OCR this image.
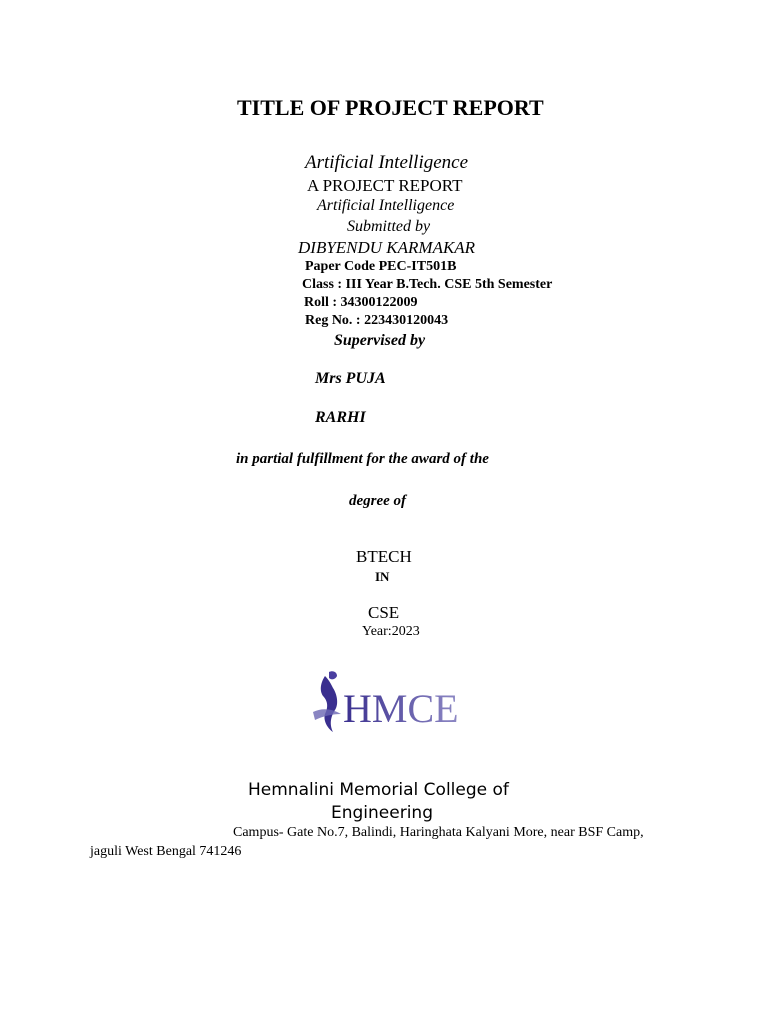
TITLE OF PROJECT REPORT
Artificial Intelligence
A PROJECT REPORT
Artificial Intelligence
Submitted by
DIBYENDU KARMAKAR
Paper Code PEC-IT501B
Class : III Year B.Tech. CSE 5th Semester
Roll : 34300122009
Reg No. : 223430120043
Supervised by
Mrs PUJA
RARHI
in partial fulfillment for the award of the
degree of
BTECH
IN
CSE
Year:2023
HMCE
Hemnalini Memorial College of
Engineering
Campus- Gate No.7, Balindi, Haringhata Kalyani More, near BSF Camp,
jaguli West Bengal 741246
